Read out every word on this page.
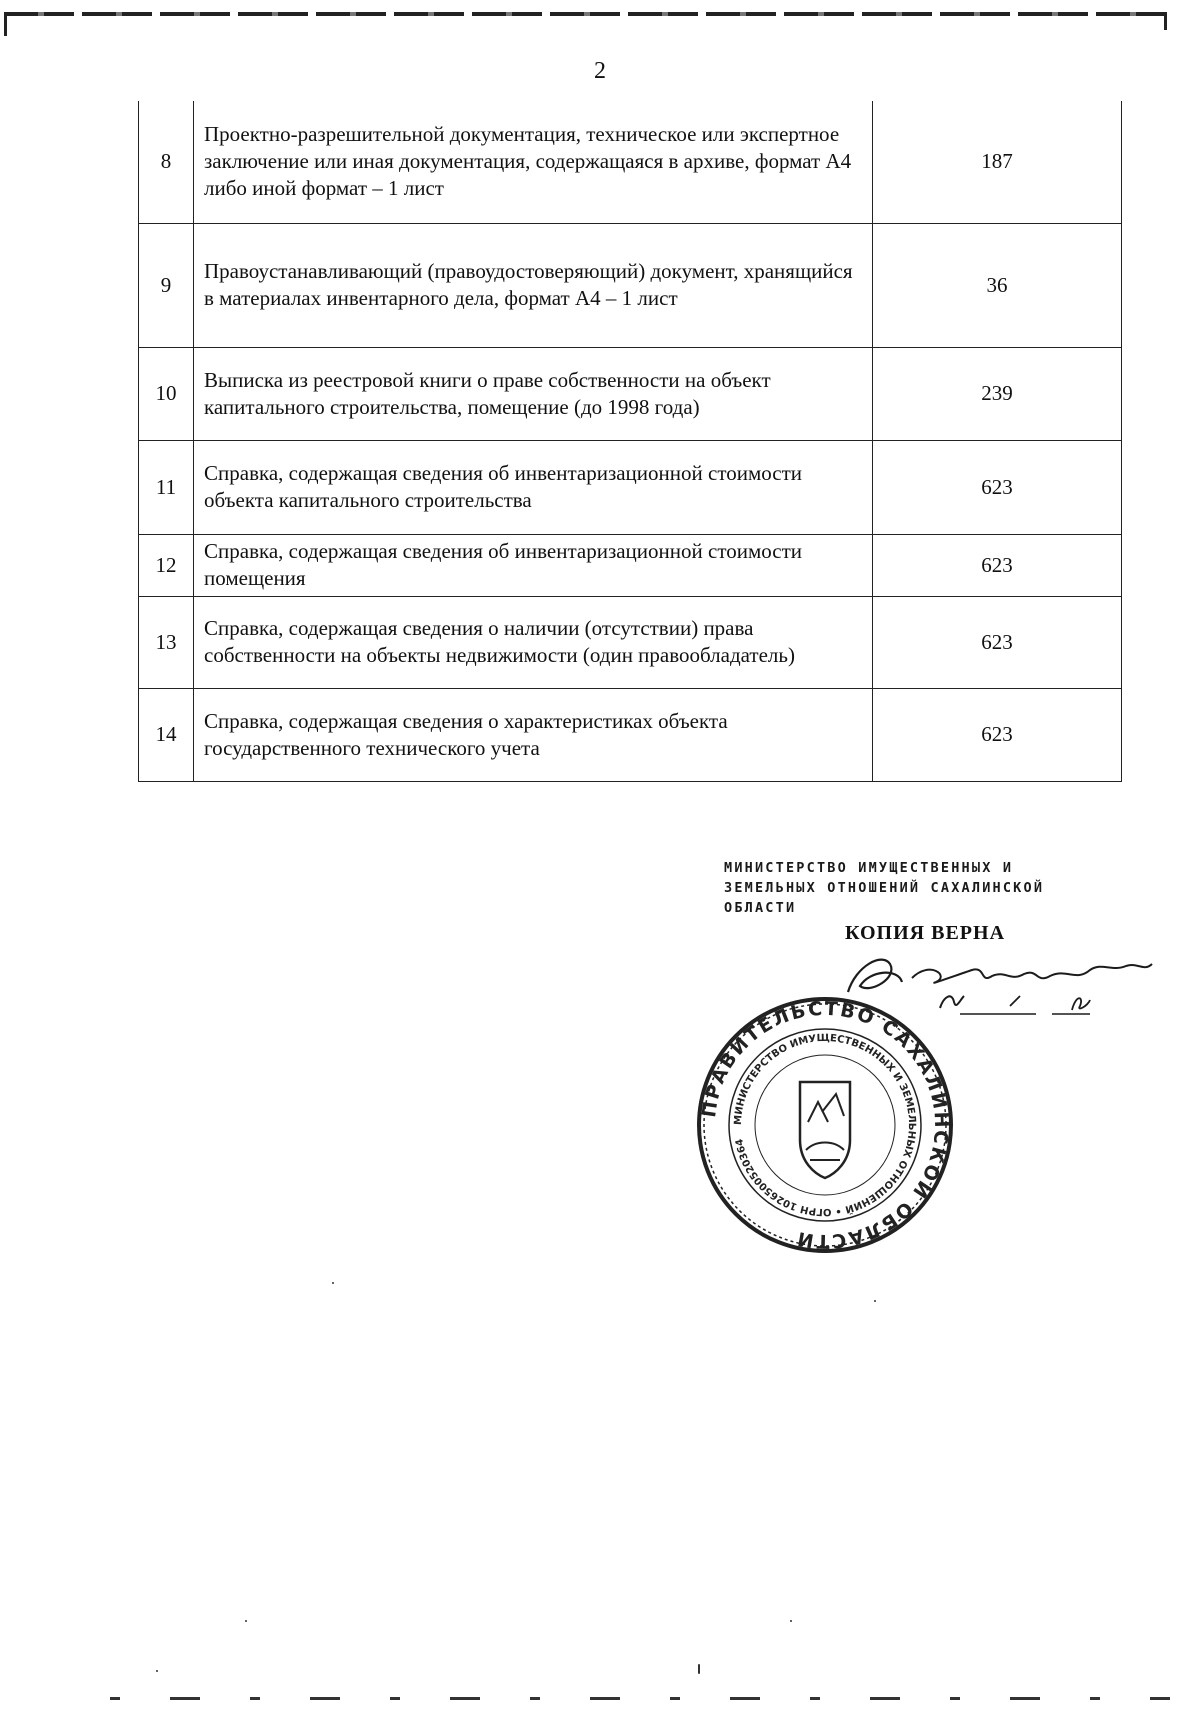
2
8	Проектно-разрешительной документация, техническое или экспертное заключение или иная документация, содержащаяся в архиве, формат А4 либо иной формат – 1 лист	187
9	Правоустанавливающий (правоудостоверяющий) документ, хранящийся в материалах инвентарного дела, формат А4 – 1 лист	36
10	Выписка из реестровой книги о праве собственности на объект капитального строительства, помещение (до 1998 года)	239
11	Справка, содержащая сведения об инвентаризационной стоимости объекта капитального строительства	623
12	Справка, содержащая сведения об инвентаризационной стоимости помещения	623
13	Справка, содержащая сведения о наличии (отсутствии) права собственности на объекты недвижимости (один правообладатель)	623
14	Справка, содержащая сведения о характеристиках объекта государственного технического учета	623
МИНИСТЕРСТВО ИМУЩЕСТВЕННЫХ И
ЗЕМЕЛЬНЫХ ОТНОШЕНИЙ САХАЛИНСКОЙ
ОБЛАСТИ
КОПИЯ ВЕРНА
ПРАВИТЕЛЬСТВО САХАЛИНСКОЙ ОБЛАСТИ
МИНИСТЕРСТВО ИМУЩЕСТВЕННЫХ И ЗЕМЕЛЬНЫХ ОТНОШЕНИЙ • ОГРН 1026500520364
